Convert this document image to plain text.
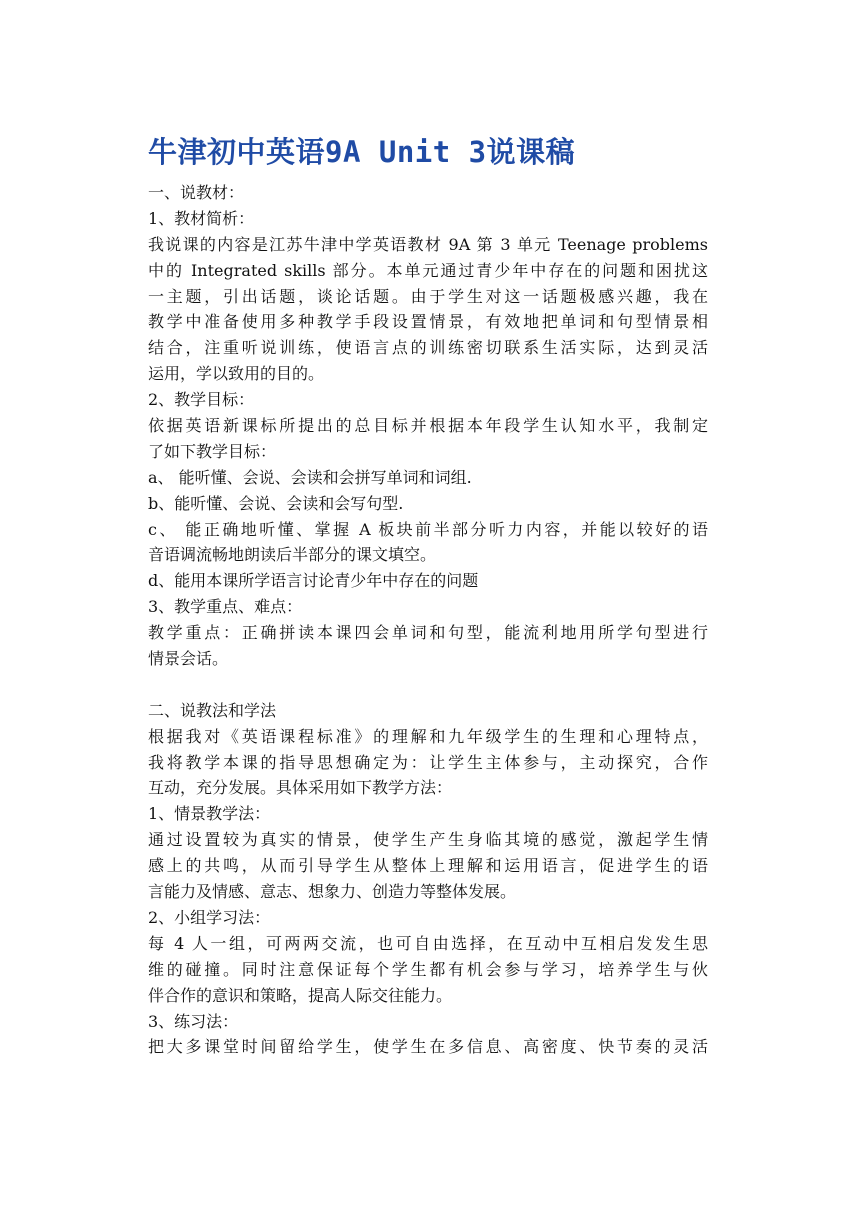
牛津初中英语9A Unit 3说课稿
一、说教材：
1、教材简析：
我说课的内容是江苏牛津中学英语教材 9A 第 3 单元 Teenage problems
中的 Integrated skills 部分。本单元通过青少年中存在的问题和困扰这
一主题，引出话题，谈论话题。由于学生对这一话题极感兴趣，我在
教学中准备使用多种教学手段设置情景，有效地把单词和句型情景相
结合，注重听说训练，使语言点的训练密切联系生活实际，达到灵活
运用，学以致用的目的。
2、教学目标：
依据英语新课标所提出的总目标并根据本年段学生认知水平，我制定
了如下教学目标：
a、 能听懂、会说、会读和会拼写单词和词组.
b、能听懂、会说、会读和会写句型.
c、 能正确地听懂、掌握 A 板块前半部分听力内容，并能以较好的语
音语调流畅地朗读后半部分的课文填空。
d、能用本课所学语言讨论青少年中存在的问题
3、教学重点、难点：
教学重点：正确拼读本课四会单词和句型，能流利地用所学句型进行
情景会话。
二、说教法和学法
根据我对《英语课程标准》的理解和九年级学生的生理和心理特点，
我将教学本课的指导思想确定为：让学生主体参与，主动探究，合作
互动，充分发展。具体采用如下教学方法：
1、情景教学法：
通过设置较为真实的情景，使学生产生身临其境的感觉，激起学生情
感上的共鸣，从而引导学生从整体上理解和运用语言，促进学生的语
言能力及情感、意志、想象力、创造力等整体发展。
2、小组学习法：
每 4 人一组，可两两交流，也可自由选择，在互动中互相启发发生思
维的碰撞。同时注意保证每个学生都有机会参与学习，培养学生与伙
伴合作的意识和策略，提高人际交往能力。
3、练习法：
把大多课堂时间留给学生，使学生在多信息、高密度、快节奏的灵活
